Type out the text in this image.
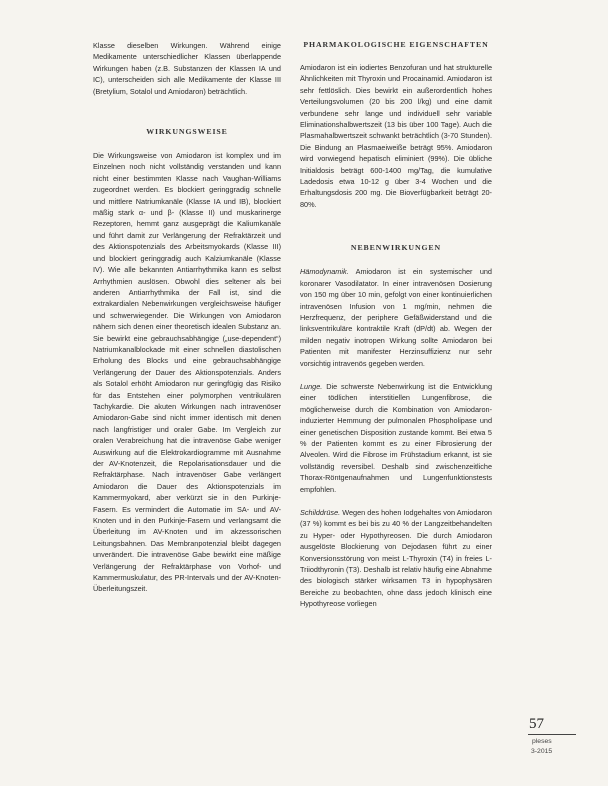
Klasse dieselben Wirkungen. Während einige Medikamente unterschiedlicher Klassen überlappende Wirkungen haben (z.B. Substanzen der Klassen IA und IC), unterscheiden sich alle Medikamente der Klasse III (Bretylium, Sotalol und Amiodaron) beträchtlich.

WIRKUNGSWEISE

Die Wirkungsweise von Amiodaron ist komplex und im Einzelnen noch nicht vollständig verstanden und kann nicht einer bestimmten Klasse nach Vaughan-Williams zugeordnet werden. Es blockiert geringgradig schnelle und mittlere Natriumkanäle (Klasse IA und IB), blockiert mäßig stark α- und β- (Klasse II) und muskarinerge Rezeptoren, hemmt ganz ausgeprägt die Kaliumkanäle und führt damit zur Verlängerung der Refraktärzeit und des Aktionspotenzials des Arbeitsmyokards (Klasse III) und blockiert geringgradig auch Kalziumkanäle (Klasse IV). Wie alle bekannten Antiarrhythmika kann es selbst Arrhythmien auslösen. Obwohl dies seltener als bei anderen Antiarrhythmika der Fall ist, sind die extrakardialen Nebenwirkungen vergleichsweise häufiger und schwerwiegender. Die Wirkungen von Amiodaron nähern sich denen einer theoretisch idealen Substanz an. Sie bewirkt eine gebrauchsabhängige („use-dependent“) Natriumkanalblockade mit einer schnellen diastolischen Erholung des Blocks und eine gebrauchsabhängige Verlängerung der Dauer des Aktionspotenzials. Anders als Sotalol erhöht Amiodaron nur geringfügig das Risiko für das Entstehen einer polymorphen ventrikulären Tachykardie. Die akuten Wirkungen nach intravenöser Amiodaron-Gabe sind nicht immer identisch mit denen nach langfristiger und oraler Gabe. Im Vergleich zur oralen Verabreichung hat die intravenöse Gabe weniger Auswirkung auf die Elektrokardiogramme mit Ausnahme der AV-Knotenzeit, die Repolarisationsdauer und die Refraktärphase. Nach intravenöser Gabe verlängert Amiodaron die Dauer des Aktionspotenzials im Kammermyokard, aber verkürzt sie in den Purkinje-Fasern. Es vermindert die Automatie im SA- und AV-Knoten und in den Purkinje-Fasern und verlangsamt die Überleitung im AV-Knoten und im akzessorischen Leitungsbahnen. Das Membranpotenzial bleibt dagegen unverändert. Die intravenöse Gabe bewirkt eine mäßige Verlängerung der Refraktärphase von Vorhof- und Kammermuskulatur, des PR-Intervals und der AV-Knoten-Überleitungszeit.

PHARMAKOLOGISCHE EIGENSCHAFTEN

Amiodaron ist ein iodiertes Benzofuran und hat strukturelle Ähnlichkeiten mit Thyroxin und Procainamid. Amiodaron ist sehr fettlöslich. Dies bewirkt ein außerordentlich hohes Verteilungsvolumen (20 bis 200 l/kg) und eine damit verbundene sehr lange und individuell sehr variable Eliminationshalbwertszeit (13 bis über 100 Tage). Auch die Plasmahalbwertszeit schwankt beträchtlich (3-70 Stunden). Die Bindung an Plasmaeiweiße beträgt 95%. Amiodaron wird vorwiegend hepatisch eliminiert (99%). Die übliche Initialdosis beträgt 600-1400 mg/Tag, die kumulative Ladedosis etwa 10-12 g über 3-4 Wochen und die Erhaltungsdosis 200 mg. Die Bioverfügbarkeit beträgt 20-80%.

NEBENWIRKUNGEN

Hämodynamik. Amiodaron ist ein systemischer und koronarer Vasodilatator. In einer intravenösen Dosierung von 150 mg über 10 min, gefolgt von einer kontinuierlichen intravenösen Infusion von 1 mg/min, nehmen die Herzfrequenz, der periphere Gefäßwiderstand und die linksventrikuläre kontraktile Kraft (dP/dt) ab. Wegen der milden negativ inotropen Wirkung sollte Amiodaron bei Patienten mit manifester Herzinsuffizienz nur sehr vorsichtig intravenös gegeben werden.

Lunge. Die schwerste Nebenwirkung ist die Entwicklung einer tödlichen interstitiellen Lungenfibrose, die möglicherweise durch die Kombination von Amiodaron-induzierter Hemmung der pulmonalen Phospholipase und einer genetischen Disposition zustande kommt. Bei etwa 5 % der Patienten kommt es zu einer Fibrosierung der Alveolen. Wird die Fibrose im Frühstadium erkannt, ist sie vollständig reversibel. Deshalb sind zwischenzeitliche Thorax-Röntgenaufnahmen und Lungenfunktionstests empfohlen.

Schilddrüse. Wegen des hohen Iodgehaltes von Amiodaron (37 %) kommt es bei bis zu 40 % der Langzeitbehandelten zu Hyper- oder Hypothyreosen. Die durch Amiodaron ausgelöste Blockierung von Dejodasen führt zu einer Konversionsstörung von meist L-Thyroxin (T4) in freies L-Triiodthyronin (T3). Deshalb ist relativ häufig eine Abnahme des biologisch stärker wirksamen T3 in hypophysären Bereiche zu beobachten, ohne dass jedoch klinisch eine Hypothyreose vorliegen

57

pleses

3-2015
